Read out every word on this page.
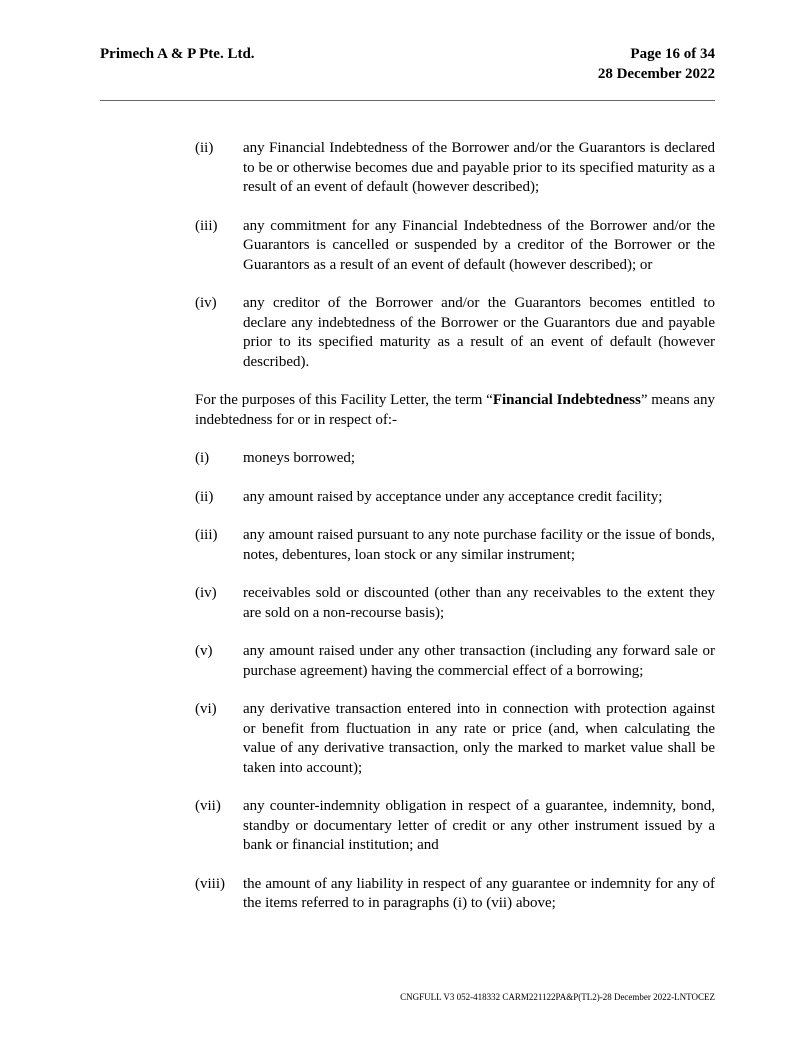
Primech A & P Pte. Ltd.	Page 16 of 34
28 December 2022
(ii)	any Financial Indebtedness of the Borrower and/or the Guarantors is declared to be or otherwise becomes due and payable prior to its specified maturity as a result of an event of default (however described);
(iii)	any commitment for any Financial Indebtedness of the Borrower and/or the Guarantors is cancelled or suspended by a creditor of the Borrower or the Guarantors as a result of an event of default (however described); or
(iv)	any creditor of the Borrower and/or the Guarantors becomes entitled to declare any indebtedness of the Borrower or the Guarantors due and payable prior to its specified maturity as a result of an event of default (however described).

For the purposes of this Facility Letter, the term “Financial Indebtedness” means any indebtedness for or in respect of:-

(i)	moneys borrowed;
(ii)	any amount raised by acceptance under any acceptance credit facility;
(iii)	any amount raised pursuant to any note purchase facility or the issue of bonds, notes, debentures, loan stock or any similar instrument;
(iv)	receivables sold or discounted (other than any receivables to the extent they are sold on a non-recourse basis);
(v)	any amount raised under any other transaction (including any forward sale or purchase agreement) having the commercial effect of a borrowing;
(vi)	any derivative transaction entered into in connection with protection against or benefit from fluctuation in any rate or price (and, when calculating the value of any derivative transaction, only the marked to market value shall be taken into account);
(vii)	any counter-indemnity obligation in respect of a guarantee, indemnity, bond, standby or documentary letter of credit or any other instrument issued by a bank or financial institution; and
(viii)	the amount of any liability in respect of any guarantee or indemnity for any of the items referred to in paragraphs (i) to (vii) above;
CNGFULL V3 052-418332 CARM221122PA&P(TL2)-28 December 2022-LNTOCEZ
